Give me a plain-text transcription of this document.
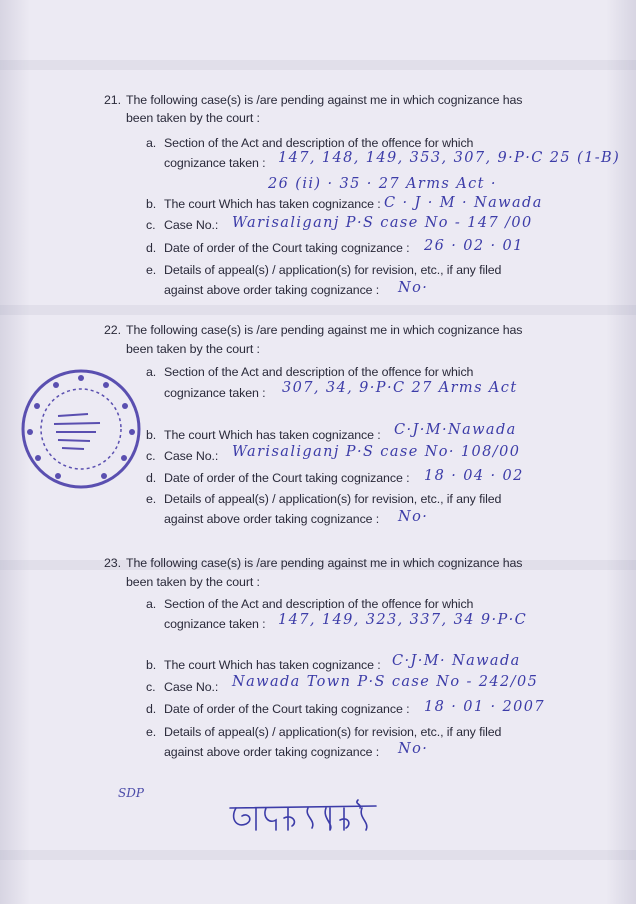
21. The following case(s) is /are pending against me in which cognizance has
been taken by the court :
a. Section of the Act and description of the offence for which
cognizance taken : 147, 148, 149, 353, 307, 9·P·C 25 (1-B)
26 (ii) · 35 · 27 Arms Act ·
b. The court Which has taken cognizance : C · J · M · Nawada
c. Case No.: Warisaliganj P·S case No - 147 /00
d. Date of order of the Court taking cognizance : 26 · 02 · 01
e. Details of appeal(s) / application(s) for revision, etc., if any filed
against above order taking cognizance : No·
22. The following case(s) is /are pending against me in which cognizance has
been taken by the court :
a. Section of the Act and description of the offence for which
cognizance taken : 307, 34, 9·P·C 27 Arms Act
b. The court Which has taken cognizance : C·J·M·Nawada
c. Case No.: Warisaliganj P·S case No· 108/00
d. Date of order of the Court taking cognizance : 18 · 04 · 02
e. Details of appeal(s) / application(s) for revision, etc., if any filed
against above order taking cognizance : No·
23. The following case(s) is /are pending against me in which cognizance has
been taken by the court :
a. Section of the Act and description of the offence for which
cognizance taken : 147, 149, 323, 337, 34 9·P·C
b. The court Which has taken cognizance : C·J·M· Nawada
c. Case No.: Nawada Town P·S case No - 242/05
d. Date of order of the Court taking cognizance : 18 · 01 · 2007
e. Details of appeal(s) / application(s) for revision, etc., if any filed
against above order taking cognizance : No·
SDP
